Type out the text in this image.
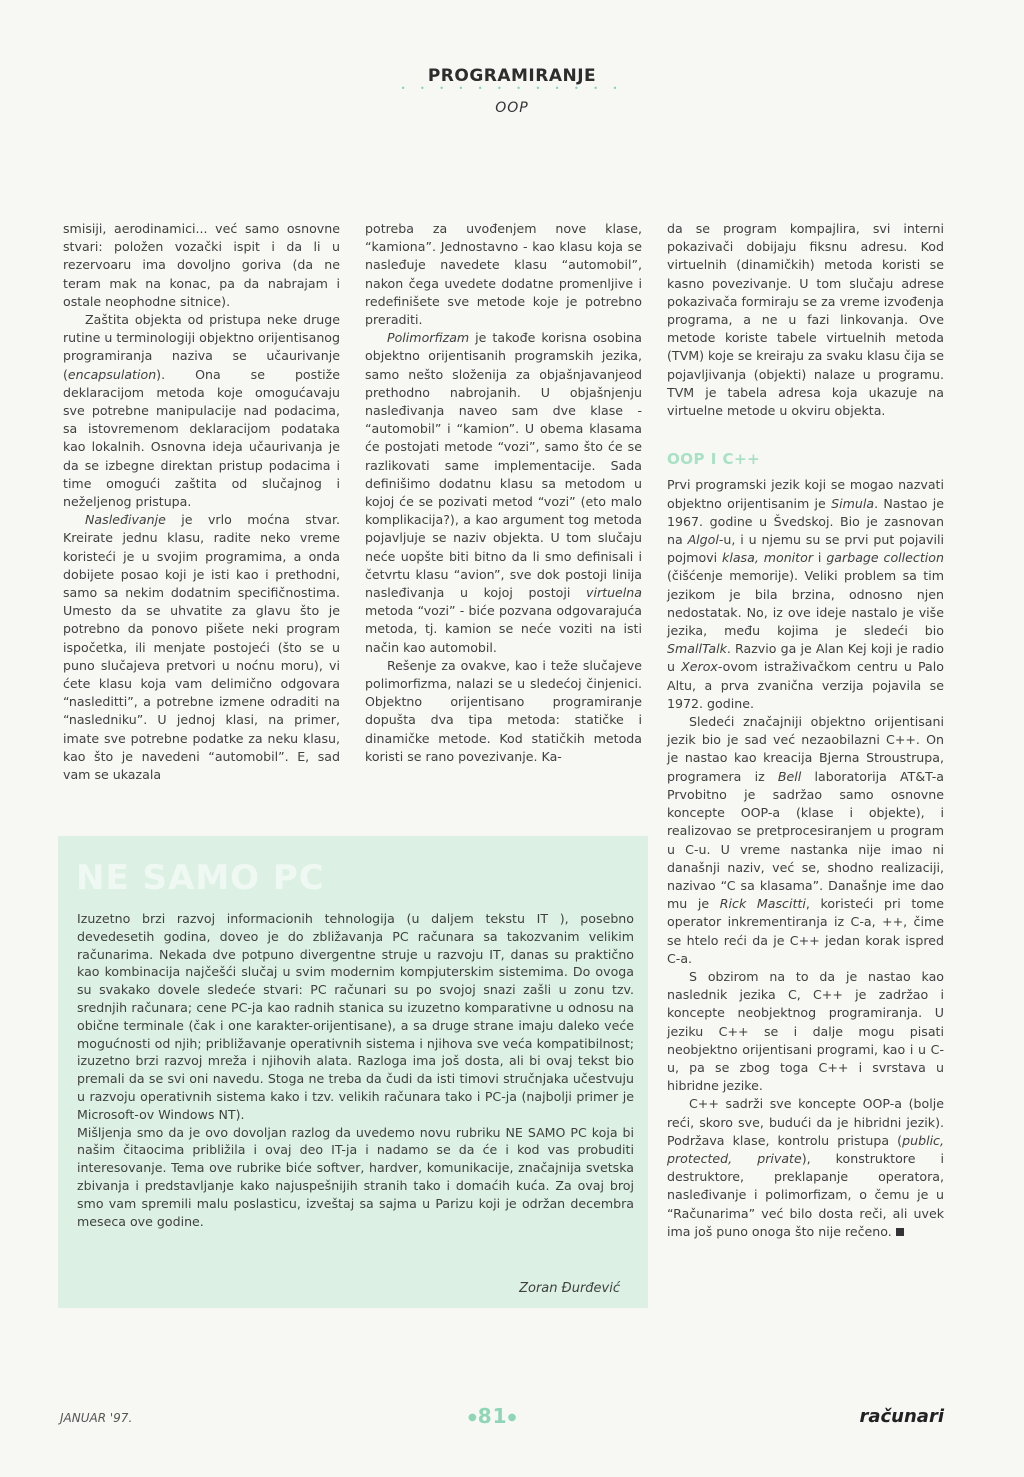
PROGRAMIRANJE
• • • • • • • • • • • •
OOP

smisiji, aerodinamici... već samo osnovne stvari: položen vozački ispit i da li u rezervoaru ima dovoljno goriva (da ne teram mak na konac, pa da nabrajam i ostale neophodne sitnice).

Zaštita objekta od pristupa neke druge rutine u terminologiji objektno orijentisanog programiranja naziva se učaurivanje (encapsulation). Ona se postiže deklaracijom metoda koje omogućavaju sve potrebne manipulacije nad podacima, sa istovremenom deklaracijom podataka kao lokalnih. Osnovna ideja učaurivanja je da se izbegne direktan pristup podacima i time omogući zaštita od slučajnog i neželjenog pristupa.

Nasleđivanje je vrlo moćna stvar. Kreirate jednu klasu, radite neko vreme koristeći je u svojim programima, a onda dobijete posao koji je isti kao i prethodni, samo sa nekim dodatnim specifičnostima. Umesto da se uhvatite za glavu što je potrebno da ponovo pišete neki program ispočetka, ili menjate postojeći (što se u puno slučajeva pretvori u noćnu moru), vi ćete klasu koja vam delimično odgovara “nasleditti”, a potrebne izmene odraditi na “nasledniku”. U jednoj klasi, na primer, imate sve potrebne podatke za neku klasu, kao što je navedeni “automobil”. E, sad vam se ukazala

potreba za uvođenjem nove klase, “kamiona”. Jednostavno - kao klasu koja se nasleđuje navedete klasu “automobil”, nakon čega uvedete dodatne promenljive i redefinišete sve metode koje je potrebno preraditi.

Polimorfizam je takođe korisna osobina objektno orijentisanih programskih jezika, samo nešto složenija za objašnjavanjeod prethodno nabrojanih. U objašnjenju nasleđivanja naveo sam dve klase - “automobil” i “kamion”. U obema klasama će postojati metode “vozi”, samo što će se razlikovati same implementacije. Sada definišimo dodatnu klasu sa metodom u kojoj će se pozivati metod “vozi” (eto malo komplikacija?), a kao argument tog metoda pojavljuje se naziv objekta. U tom slučaju neće uopšte biti bitno da li smo definisali i četvrtu klasu “avion”, sve dok postoji linija nasleđivanja u kojoj postoji virtuelna metoda “vozi” - biće pozvana odgovarajuća metoda, tj. kamion se neće voziti na isti način kao automobil.

Rešenje za ovakve, kao i teže slučajeve polimorfizma, nalazi se u sledećoj činjenici. Objektno orijentisano programiranje dopušta dva tipa metoda: statičke i dinamičke metode. Kod statičkih metoda koristi se rano povezivanje. Ka-

da se program kompajlira, svi interni pokazivači dobijaju fiksnu adresu. Kod virtuelnih (dinamičkih) metoda koristi se kasno povezivanje. U tom slučaju adrese pokazivača formiraju se za vreme izvođenja programa, a ne u fazi linkovanja. Ove metode koriste tabele virtuelnih metoda (TVM) koje se kreiraju za svaku klasu čija se pojavljivanja (objekti) nalaze u programu. TVM je tabela adresa koja ukazuje na virtuelne metode u okviru objekta.

OOP I C++

Prvi programski jezik koji se mogao nazvati objektno orijentisanim je Simula. Nastao je 1967. godine u Švedskoj. Bio je zasnovan na Algol-u, i u njemu su se prvi put pojavili pojmovi klasa, monitor i garbage collection (čišćenje memorije). Veliki problem sa tim jezikom je bila brzina, odnosno njen nedostatak. No, iz ove ideje nastalo je više jezika, među kojima je sledeći bio SmallTalk. Razvio ga je Alan Kej koji je radio u Xerox-ovom istraživačkom centru u Palo Altu, a prva zvanična verzija pojavila se 1972. godine.

Sledeći značajniji objektno orijentisani jezik bio je sad već nezaobilazni C++. On je nastao kao kreacija Bjerna Stroustrupa, programera iz Bell laboratorija AT&T-a Prvobitno je sadržao samo osnovne koncepte OOP-a (klase i objekte), i realizovao se pretprocesiranjem u program u C-u. U vreme nastanka nije imao ni današnji naziv, već se, shodno realizaciji, nazivao “C sa klasama”. Današnje ime dao mu je Rick Mascitti, koristeći pri tome operator inkrementiranja iz C-a, ++, čime se htelo reći da je C++ jedan korak ispred C-a.

S obzirom na to da je nastao kao naslednik jezika C, C++ je zadržao i koncepte neobjektnog programiranja. U jeziku C++ se i dalje mogu pisati neobjektno orijentisani programi, kao i u C-u, pa se zbog toga C++ i svrstava u hibridne jezike.

C++ sadrži sve koncepte OOP-a (bolje reći, skoro sve, budući da je hibridni jezik). Podržava klase, kontrolu pristupa (public, protected, private), konstruktore i destruktore, preklapanje operatora, nasleđivanje i polimorfizam, o čemu je u “Računarima” već bilo dosta reči, ali uvek ima još puno onoga što nije rečeno.

NE SAMO PC

Izuzetno brzi razvoj informacionih tehnologija (u daljem tekstu IT ), posebno devedesetih godina, doveo je do zbližavanja PC računara sa takozvanim velikim računarima. Nekada dve potpuno divergentne struje u razvoju IT, danas su praktično kao kombinacija najčešći slučaj u svim modernim kompjuterskim sistemima. Do ovoga su svakako dovele sledeće stvari: PC računari su po svojoj snazi zašli u zonu tzv. srednjih računara; cene PC-ja kao radnih stanica su izuzetno komparativne u odnosu na obične terminale (čak i one karakter-orijentisane), a sa druge strane imaju daleko veće mogućnosti od njih; približavanje operativnih sistema i njihova sve veća kompatibilnost; izuzetno brzi razvoj mreža i njihovih alata. Razloga ima još dosta, ali bi ovaj tekst bio premali da se svi oni navedu. Stoga ne treba da čudi da isti timovi stručnjaka učestvuju u razvoju operativnih sistema kako i tzv. velikih računara tako i PC-ja (najbolji primer je Microsoft-ov Windows NT).

Mišljenja smo da je ovo dovoljan razlog da uvedemo novu rubriku NE SAMO PC koja bi našim čitaocima približila i ovaj deo IT-ja i nadamo se da će i kod vas probuditi interesovanje. Tema ove rubrike biće softver, hardver, komunikacije, značajnija svetska zbivanja i predstavljanje kako najuspešnijih stranih tako i domaćih kuća. Za ovaj broj smo vam spremili malu poslasticu, izveštaj sa sajma u Parizu koji je održan decembra meseca ove godine.

Zoran Đurđević
JANUAR '97.	●81●	računari
